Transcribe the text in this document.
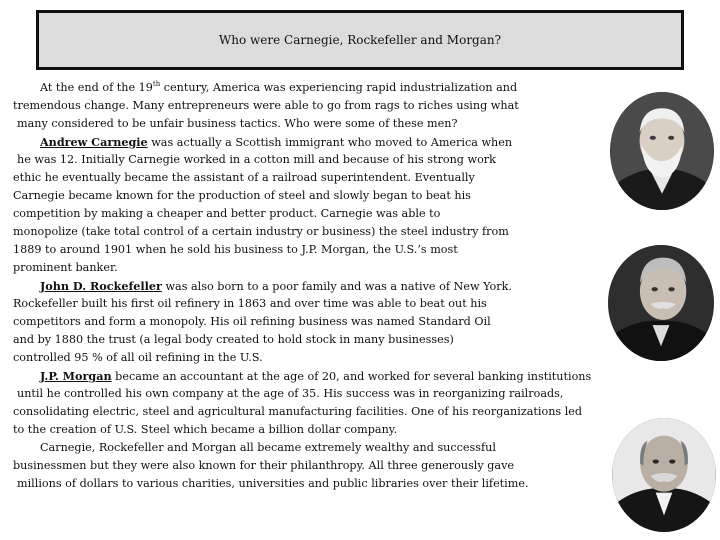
Who were Carnegie, Rockefeller and Morgan?
At the end of the 19th century, America was experiencing rapid industrialization and
tremendous change. Many entrepreneurs were able to go from rags to riches using what
many considered to be unfair business tactics. Who were some of these men?
Andrew Carnegie was actually a Scottish immigrant who moved to America when
he was 12. Initially Carnegie worked in a cotton mill and because of his strong work
ethic he eventually became the assistant of a railroad superintendent. Eventually
Carnegie became known for the production of steel and slowly began to beat his
competition by making a cheaper and better product. Carnegie was able to
monopolize (take total control of a certain industry or business) the steel industry from
1889 to around 1901 when he sold his business to J.P. Morgan, the U.S.’s most
prominent banker.
John D. Rockefeller was also born to a poor family and was a native of New York.
Rockefeller built his first oil refinery in 1863 and over time was able to beat out his
competitors and form a monopoly. His oil refining business was named Standard Oil
and by 1880 the trust (a legal body created to hold stock in many businesses)
controlled 95 % of all oil refining in the U.S.
J.P. Morgan became an accountant at the age of 20, and worked for several banking institutions
until he controlled his own company at the age of 35. His success was in reorganizing railroads,
consolidating electric, steel and agricultural manufacturing facilities. One of his reorganizations led
to the creation of U.S. Steel which became a billion dollar company.
Carnegie, Rockefeller and Morgan all became extremely wealthy and successful
businessmen but they were also known for their philanthropy. All three generously gave
millions of dollars to various charities, universities and public libraries over their lifetime.
